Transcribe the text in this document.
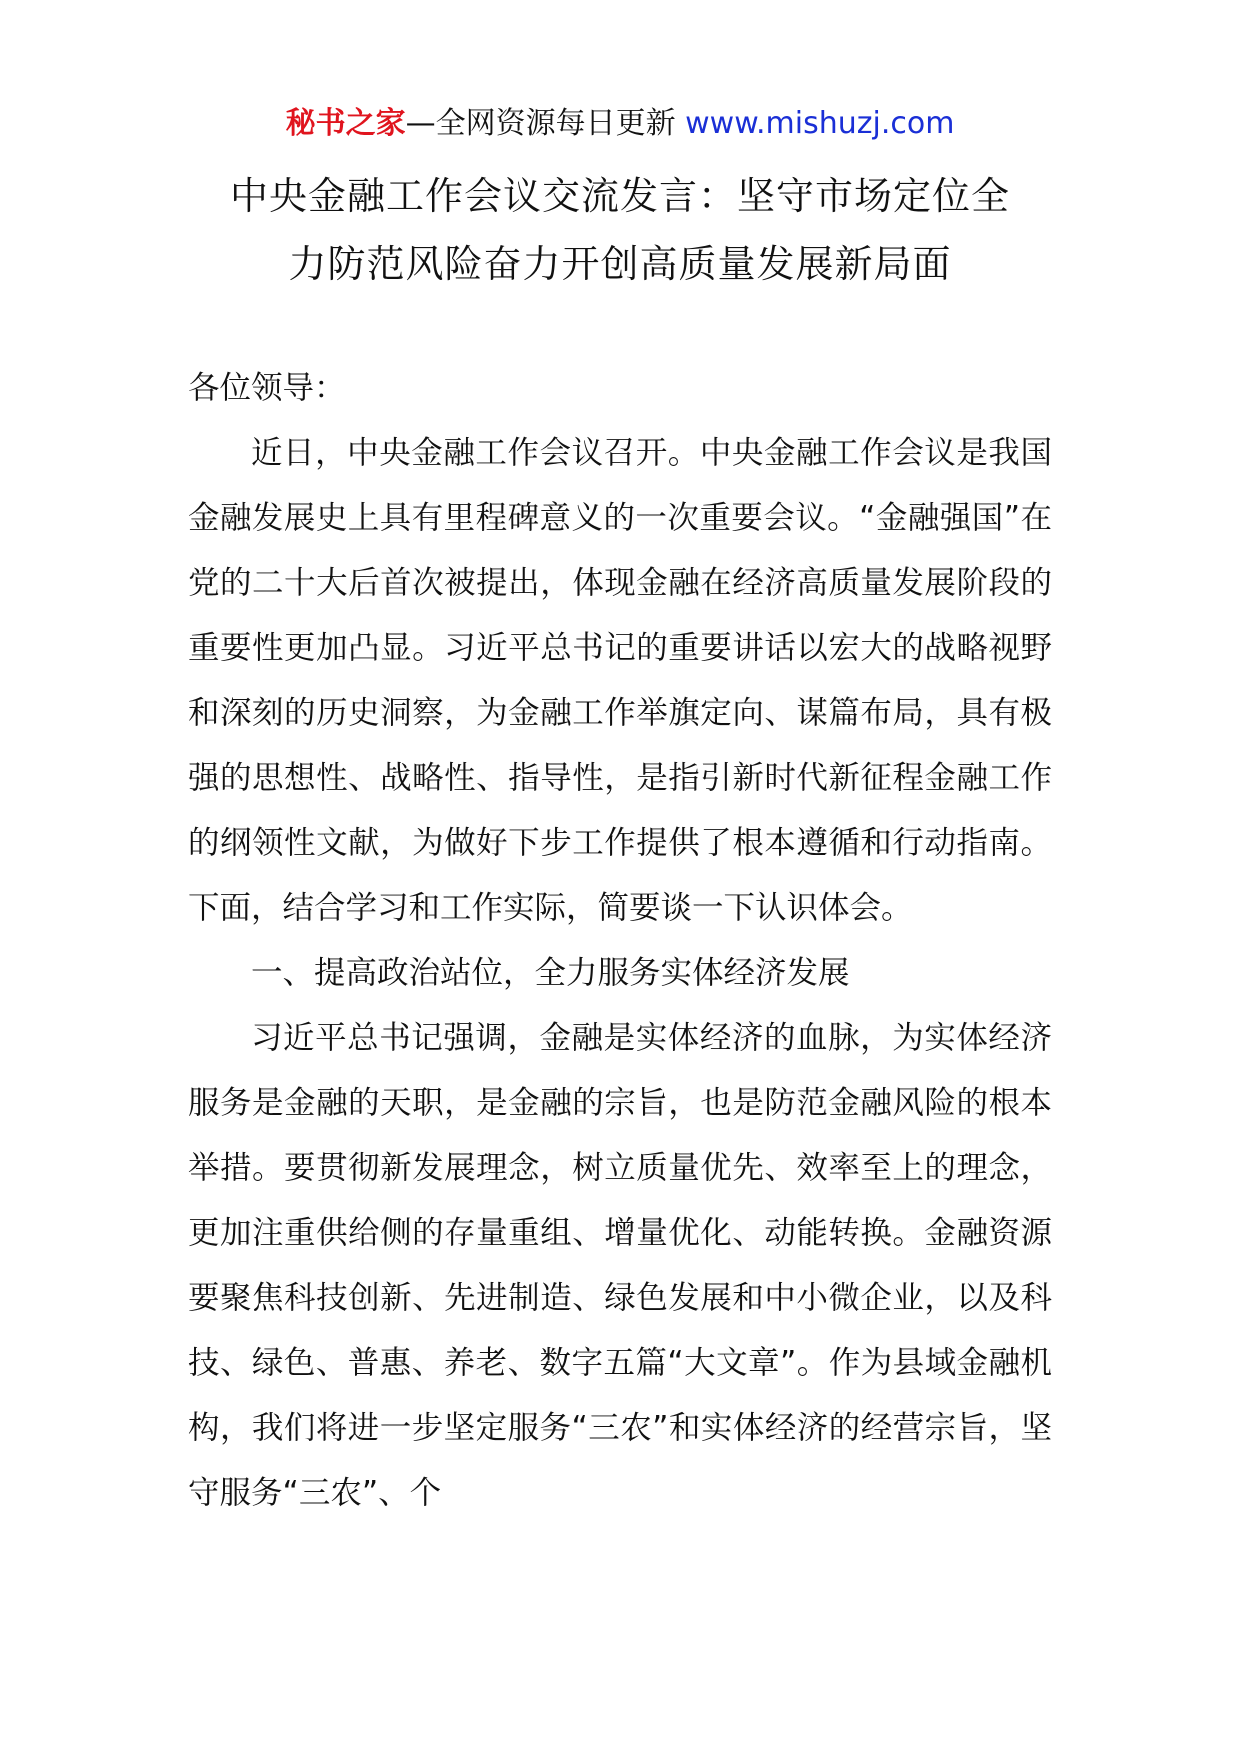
秘书之家—全网资源每日更新 www.mishuzj.com
中央金融工作会议交流发言：坚守市场定位全
力防范风险奋力开创高质量发展新局面

各位领导：

近日，中央金融工作会议召开。中央金融工作会议是我国金融发展史上具有里程碑意义的一次重要会议。“金融强国”在党的二十大后首次被提出，体现金融在经济高质量发展阶段的重要性更加凸显。习近平总书记的重要讲话以宏大的战略视野和深刻的历史洞察，为金融工作举旗定向、谋篇布局，具有极强的思想性、战略性、指导性，是指引新时代新征程金融工作的纲领性文献，为做好下步工作提供了根本遵循和行动指南。下面，结合学习和工作实际，简要谈一下认识体会。

一、提高政治站位，全力服务实体经济发展

习近平总书记强调，金融是实体经济的血脉，为实体经济服务是金融的天职，是金融的宗旨，也是防范金融风险的根本举措。要贯彻新发展理念，树立质量优先、效率至上的理念，更加注重供给侧的存量重组、增量优化、动能转换。金融资源要聚焦科技创新、先进制造、绿色发展和中小微企业，以及科技、绿色、普惠、养老、数字五篇“大文章”。作为县域金融机构，我们将进一步坚定服务“三农”和实体经济的经营宗旨，坚守服务“三农”、个
